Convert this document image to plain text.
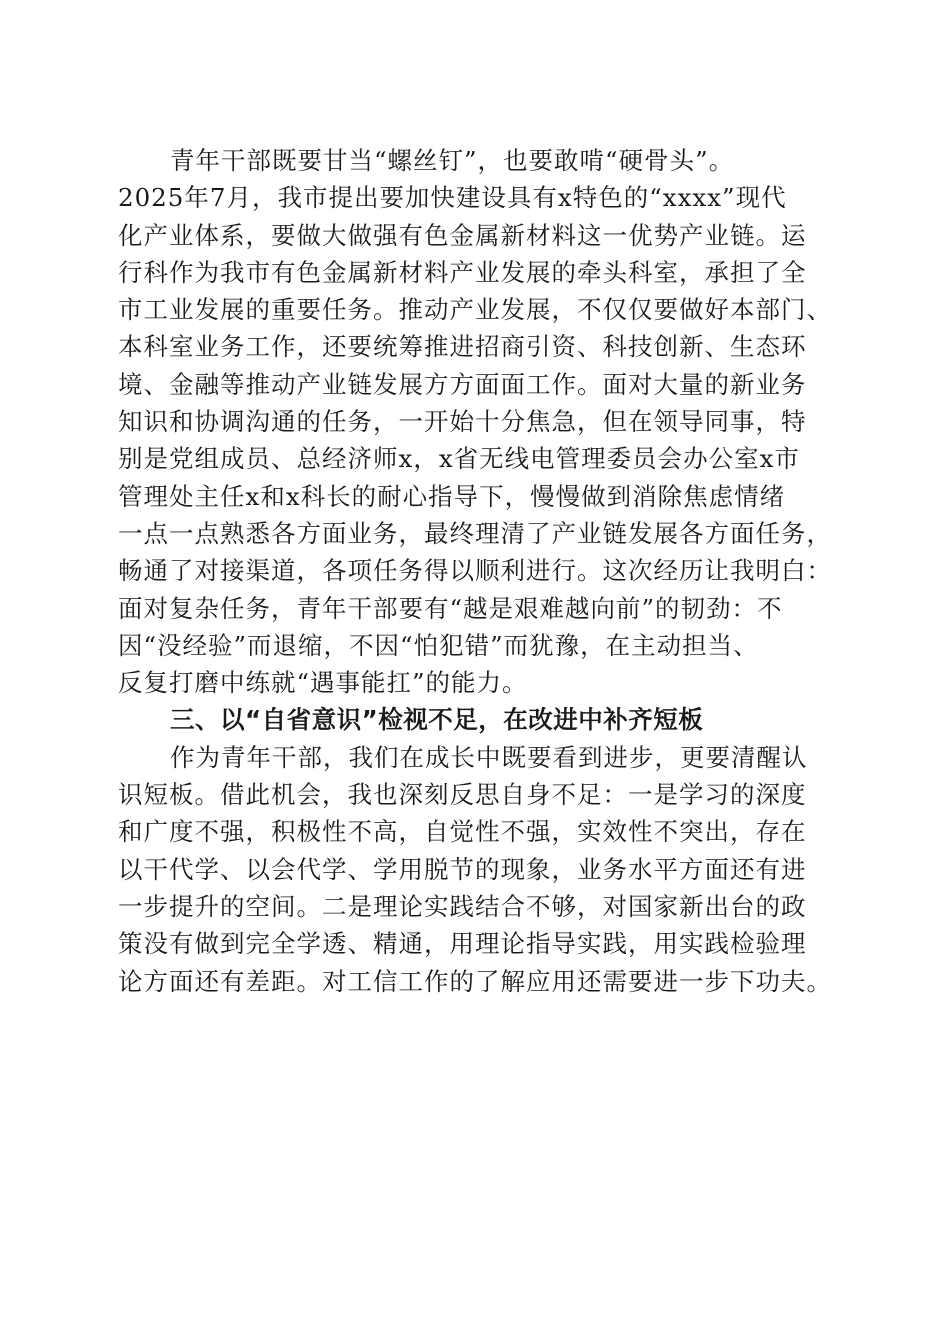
青年干部既要甘当“螺丝钉”，也要敢啃“硬骨头”。
2025年7月，我市提出要加快建设具有x特色的“xxxx”现代
化产业体系，要做大做强有色金属新材料这一优势产业链。运
行科作为我市有色金属新材料产业发展的牵头科室，承担了全
市工业发展的重要任务。推动产业发展，不仅仅要做好本部门、
本科室业务工作，还要统筹推进招商引资、科技创新、生态环
境、金融等推动产业链发展方方面面工作。面对大量的新业务
知识和协调沟通的任务，一开始十分焦急，但在领导同事，特
别是党组成员、总经济师x，x省无线电管理委员会办公室x市
管理处主任x和x科长的耐心指导下，慢慢做到消除焦虑情绪
一点一点熟悉各方面业务，最终理清了产业链发展各方面任务，
畅通了对接渠道，各项任务得以顺利进行。这次经历让我明白：
面对复杂任务，青年干部要有“越是艰难越向前”的韧劲：不
因“没经验”而退缩，不因“怕犯错”而犹豫，在主动担当、
反复打磨中练就“遇事能扛”的能力。
三、以“自省意识”检视不足，在改进中补齐短板
作为青年干部，我们在成长中既要看到进步，更要清醒认
识短板。借此机会，我也深刻反思自身不足：一是学习的深度
和广度不强，积极性不高，自觉性不强，实效性不突出，存在
以干代学、以会代学、学用脱节的现象，业务水平方面还有进
一步提升的空间。二是理论实践结合不够，对国家新出台的政
策没有做到完全学透、精通，用理论指导实践，用实践检验理
论方面还有差距。对工信工作的了解应用还需要进一步下功夫。
